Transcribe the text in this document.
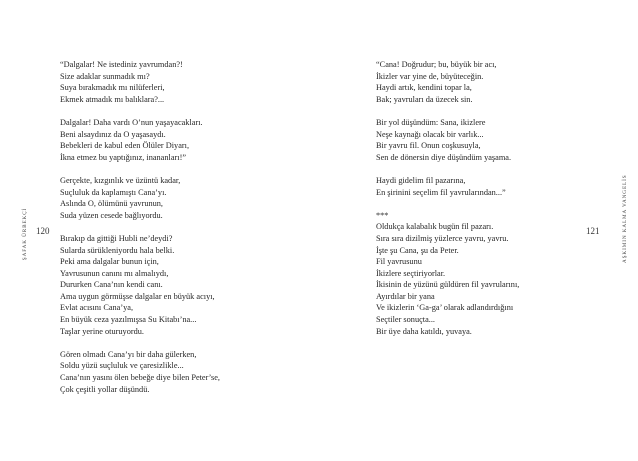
ŞAFAK ÜRBEKÇİ 120
“Dalgalar! Ne istediniz yavrumdan?!
Size adaklar sunmadık mı?
Suya bırakmadık mı nilüferleri,
Ekmek atmadık mı balıklara?...
Dalgalar! Daha vardı O’nun yaşayacakları.
Beni alsaydınız da O yaşasaydı.
Bebekleri de kabul eden Ölüler Diyarı,
İkna etmez bu yaptığınız, inananları!”
Gerçekte, kızgınlık ve üzüntü kadar,
Suçluluk da kaplamıştı Cana’yı.
Aslında O, ölümünü yavrunun,
Suda yüzen cesede bağlıyordu.
Bırakıp da gittiği Hubli ne’deydi?
Sularda sürükleniyordu hala belki.
Peki ama dalgalar bunun için,
Yavrusunun canını mı almalıydı,
Dururken Cana’nın kendi canı.
Ama uygun görmüşse dalgalar en büyük acıyı,
Evlat acısını Cana’ya,
En büyük ceza yazılmışsa Su Kitabı’na...
Taşlar yerine oturuyordu.
Gören olmadı Cana’yı bir daha gülerken,
Soldu yüzü suçluluk ve çaresizlikle...
Cana’nın yasını ölen bebeğe diye bilen Peter’se,
Çok çeşitli yollar düşündü.
AŞKIMIN KALMA VANGELİS
121
“Cana! Doğrudur; bu, büyük bir acı,
İkizler var yine de, büyüteceğin.
Haydi artık, kendini topar la,
Bak; yavruları da üzecek sin.
Bir yol düşündüm: Sana, ikizlere
Neşe kaynağı olacak bir varlık...
Bir yavru fil. Onun coşkusuyla,
Sen de dönersin diye düşündüm yaşama.
Haydi gidelim fil pazarına,
En şirinini seçelim fil yavrularından...”
***
Oldukça kalabalık bugün fil pazarı.
Sıra sıra dizilmiş yüzlerce yavru, yavru.
İşte şu Cana, şu da Peter.
Fil yavrusunu
İkizlere seçtiriyorlar.
İkisinin de yüzünü güldüren fil yavrularını,
Ayırdılar bir yana
Ve ikizlerin ‘Ga-ga’ olarak adlandırdığını
Seçtiler sonuçta...
Bir üye daha katıldı, yuvaya.
